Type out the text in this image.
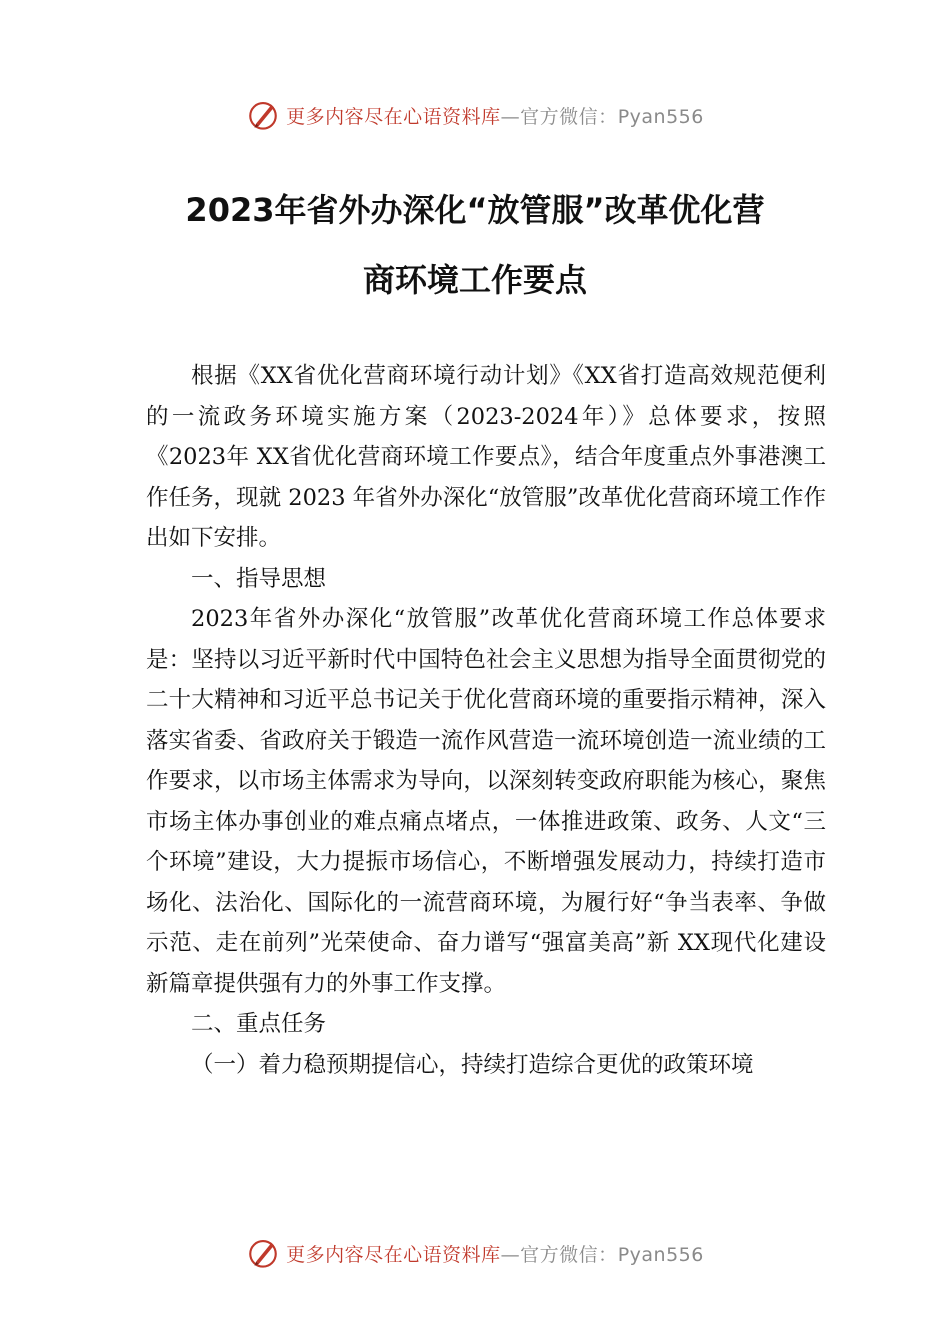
更多内容尽在心语资料库—官方微信：Pyan556
2023年省外办深化“放管服”改革优化营
商环境工作要点

根据《XX省优化营商环境行动计划》《XX省打造高效规范便利的一流政务环境实施方案（2023-2024年）》总体要求，按照《2023年 XX省优化营商环境工作要点》，结合年度重点外事港澳工作任务，现就 2023 年省外办深化“放管服”改革优化营商环境工作作出如下安排。

一、指导思想

2023年省外办深化“放管服”改革优化营商环境工作总体要求是：坚持以习近平新时代中国特色社会主义思想为指导全面贯彻党的二十大精神和习近平总书记关于优化营商环境的重要指示精神，深入落实省委、省政府关于锻造一流作风营造一流环境创造一流业绩的工作要求，以市场主体需求为导向，以深刻转变政府职能为核心，聚焦市场主体办事创业的难点痛点堵点，一体推进政策、政务、人文“三个环境”建设，大力提振市场信心，不断增强发展动力，持续打造市场化、法治化、国际化的一流营商环境，为履行好“争当表率、争做示范、走在前列”光荣使命、奋力谱写“强富美高”新 XX现代化建设新篇章提供强有力的外事工作支撑。

二、重点任务

（一）着力稳预期提信心，持续打造综合更优的政策环境

更多内容尽在心语资料库—官方微信：Pyan556
